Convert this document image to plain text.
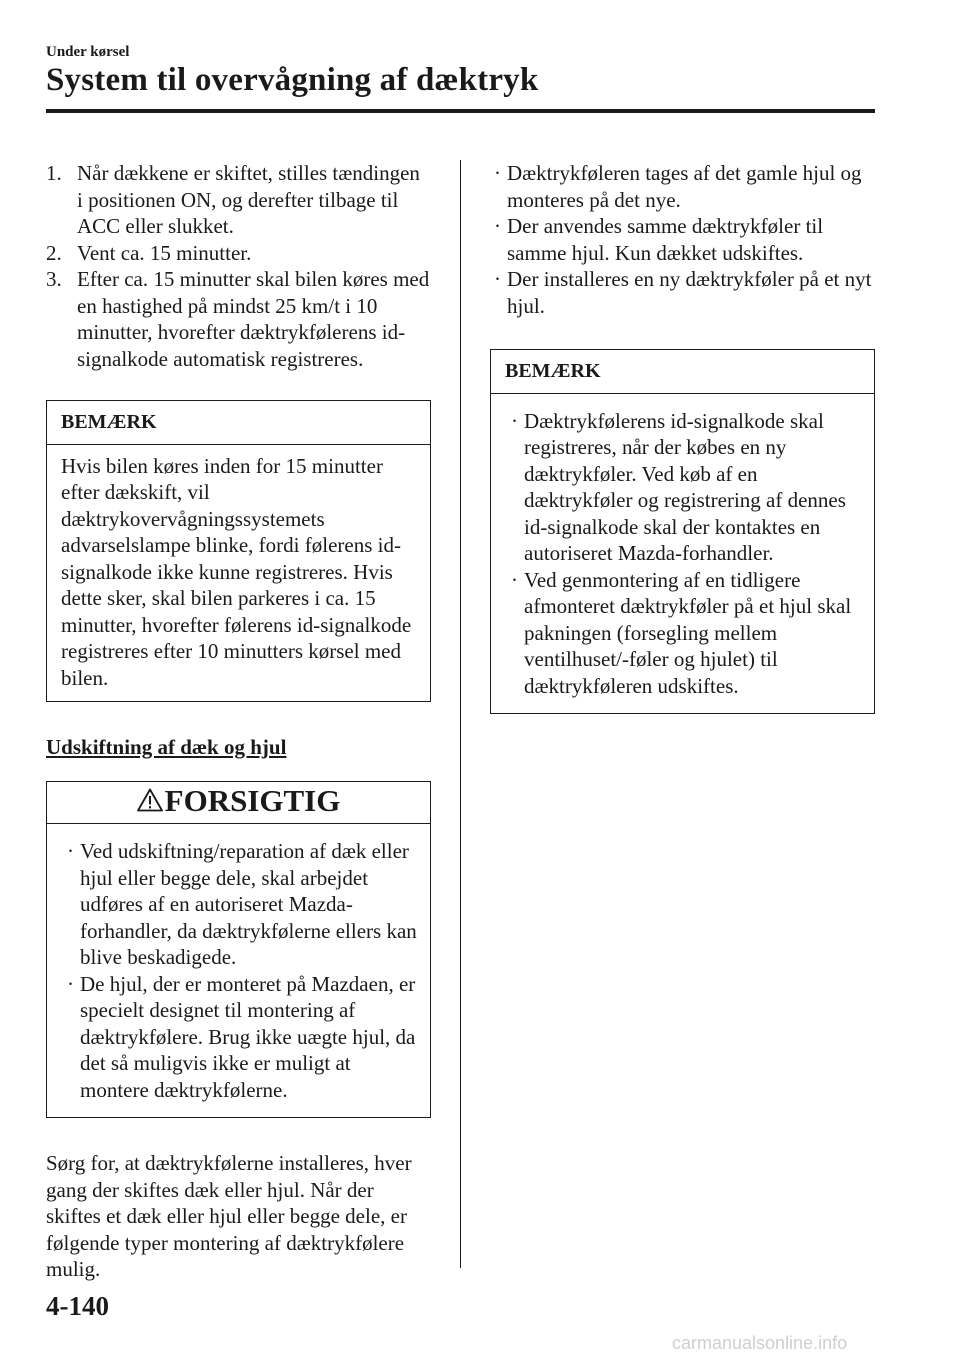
Under kørsel
System til overvågning af dæktryk
1. Når dækkene er skiftet, stilles tændingen i positionen ON, og derefter tilbage til ACC eller slukket.
2. Vent ca. 15 minutter.
3. Efter ca. 15 minutter skal bilen køres med en hastighed på mindst 25 km/t i 10 minutter, hvorefter dæktrykfølerens id-signalkode automatisk registreres.
BEMÆRK
Hvis bilen køres inden for 15 minutter efter dækskift, vil dæktrykovervågningssystemets advarselslampe blinke, fordi følerens id-signalkode ikke kunne registreres. Hvis dette sker, skal bilen parkeres i ca. 15 minutter, hvorefter følerens id-signalkode registreres efter 10 minutters kørsel med bilen.
Udskiftning af dæk og hjul
FORSIGTIG
· Ved udskiftning/reparation af dæk eller hjul eller begge dele, skal arbejdet udføres af en autoriseret Mazda-forhandler, da dæktrykfølerne ellers kan blive beskadigede.
· De hjul, der er monteret på Mazdaen, er specielt designet til montering af dæktrykfølere. Brug ikke uægte hjul, da det så muligvis ikke er muligt at montere dæktrykfølerne.
Sørg for, at dæktrykfølerne installeres, hver gang der skiftes dæk eller hjul. Når der skiftes et dæk eller hjul eller begge dele, er følgende typer montering af dæktrykfølere mulig.
· Dæktrykføleren tages af det gamle hjul og monteres på det nye.
· Der anvendes samme dæktrykføler til samme hjul. Kun dækket udskiftes.
· Der installeres en ny dæktrykføler på et nyt hjul.
BEMÆRK
· Dæktrykfølerens id-signalkode skal registreres, når der købes en ny dæktrykføler. Ved køb af en dæktrykføler og registrering af dennes id-signalkode skal der kontaktes en autoriseret Mazda-forhandler.
· Ved genmontering af en tidligere afmonteret dæktrykføler på et hjul skal pakningen (forsegling mellem ventilhuset/-føler og hjulet) til dæktrykføleren udskiftes.
4-140
carmanualsonline.info
